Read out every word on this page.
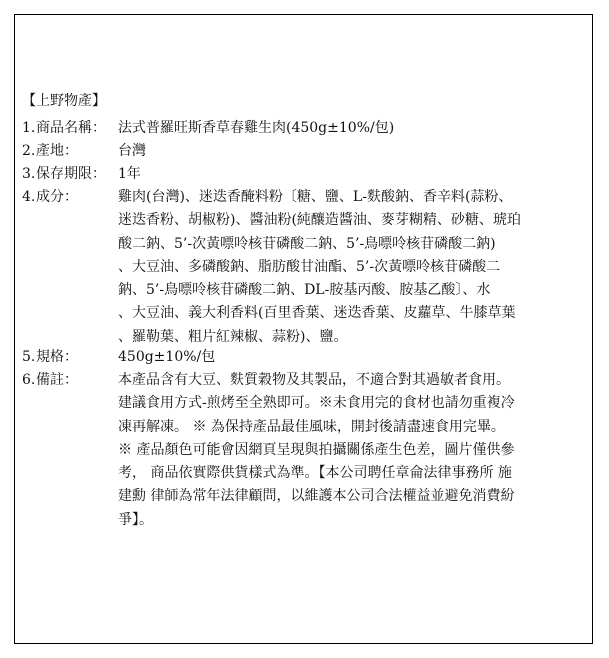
【上野物產】
1.商品名稱： 法式普羅旺斯香草春雞生肉(450g±10%/包)
2.產地：	台灣
3.保存期限： 1年
4.成分：	雞肉(台灣)、迷迭香醃料粉〔糖、鹽、L-麩酸鈉、香辛料(蒜粉、
迷迭香粉、胡椒粉)、醬油粉(純釀造醬油、麥芽糊精、砂糖、琥珀
酸二鈉、5’-次黃嘌呤核苷磷酸二鈉、5’-鳥嘌呤核苷磷酸二鈉)
、大豆油、多磷酸鈉、脂肪酸甘油酯、5’-次黃嘌呤核苷磷酸二
鈉、5’-鳥嘌呤核苷磷酸二鈉、DL-胺基丙酸、胺基乙酸〕、水
、大豆油、義大利香料(百里香葉、迷迭香葉、皮蘿草、牛膝草葉
、羅勒葉、粗片紅辣椒、蒜粉)、鹽。
5.規格：	450g±10%/包
6.備註：	本產品含有大豆、麩質穀物及其製品，不適合對其過敏者食用。
建議食用方式-煎烤至全熟即可。※未食用完的食材也請勿重複冷
凍再解凍。 ※ 為保持產品最佳風味，開封後請盡速食用完畢。
※ 產品顏色可能會因網頁呈現與拍攝關係產生色差，圖片僅供參
考， 商品依實際供貨樣式為準。【本公司聘任章侖法律事務所 施
建勳 律師為常年法律顧問，以維護本公司合法權益並避免消費紛
爭】。
